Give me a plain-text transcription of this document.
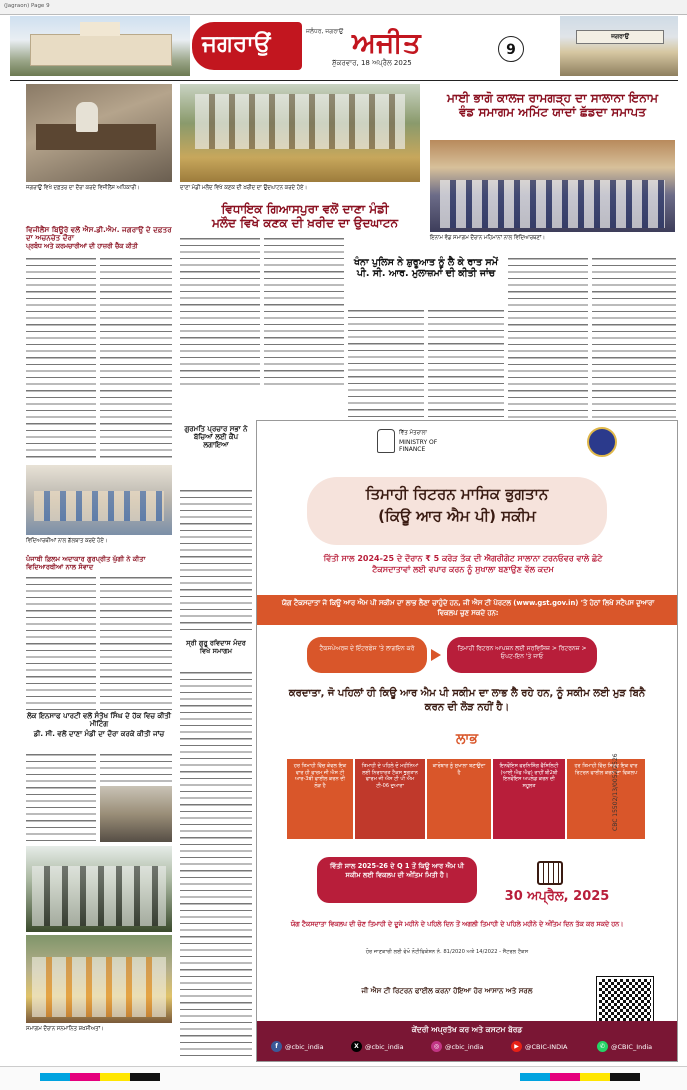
(Jagraon) Page 9
ਜਗਰਾਉਂ	ਅਜੀਤ
ਜਲੰਧਰ, ਜਗਰਾਉਂ
ਸ਼ੁੱਕਰਵਾਰ, 18 ਅਪ੍ਰੈਲ 2025
9
ਜਗਰਾਉਂ
ਜਗਰਾਉਂ ਵਿਖੇ ਦਫ਼ਤਰ ਦਾ ਦੌਰਾ ਕਰਦੇ ਵਿਜੀਲੈਂਸ ਅਧਿਕਾਰੀ।	ਦਾਣਾ ਮੰਡੀ ਮਲੌਦ ਵਿਖੇ ਕਣਕ ਦੀ ਖ਼ਰੀਦ ਦਾ ਉਦਘਾਟਨ ਕਰਦੇ ਹੋਏ।
ਵਿਧਾਇਕ ਗਿਆਸਪੁਰਾ ਵਲੋਂ ਦਾਣਾ ਮੰਡੀ
ਮਲੌਦ ਵਿਖੇ ਕਣਕ ਦੀ ਖ਼ਰੀਦ ਦਾ ਉਦਘਾਟਨ
ਮਾਈ ਭਾਗੋ ਕਾਲਜ ਰਾਮਗੜ੍ਹ ਦਾ ਸਾਲਾਨਾ ਇਨਾਮ
ਵੰਡ ਸਮਾਗਮ ਅਮਿੱਟ ਯਾਦਾਂ ਛੱਡਦਾ ਸਮਾਪਤ
ਇਨਾਮ ਵੰਡ ਸਮਾਗਮ ਦੌਰਾਨ ਮਹਿਮਾਨਾਂ ਨਾਲ ਵਿਦਿਆਰਥਣਾਂ।
ਵਿਜੀਲੈਂਸ ਬਿਊਰੋ ਵਲੋਂ ਐਸ.ਡੀ.ਐਮ. ਜਗਰਾਉਂ ਦੇ ਦਫ਼ਤਰ ਦਾ ਅਚਨਚੇਤ ਦੌਰਾ
ਪ੍ਰਬੰਧ ਅਤੇ ਕਰਮਚਾਰੀਆਂ ਦੀ ਹਾਜ਼ਰੀ ਚੈੱਕ ਕੀਤੀ
ਖੰਨਾ ਪੁਲਿਸ ਨੇ ਸ਼ੁਰੂਆਤ ਨੂੰ ਲੈ ਕੇ ਰਾਤ ਸਮੇਂ
ਪੀ. ਸੀ. ਆਰ. ਮੁਲਾਜ਼ਮਾਂ ਦੀ ਕੀਤੀ ਜਾਂਚ
ਵਿਦਿਆਰਥੀਆਂ ਨਾਲ ਗੱਲਬਾਤ ਕਰਦੇ ਹੋਏ।
ਪੰਜਾਬੀ ਫ਼ਿਲਮ ਅਦਾਕਾਰ ਗੁਰਪ੍ਰੀਤ ਘੁੱਗੀ ਨੇ ਕੀਤਾ ਵਿਦਿਆਰਥੀਆਂ ਨਾਲ ਸੰਵਾਦ
ਲੋਕ ਇਨਸਾਫ ਪਾਰਟੀ ਵਲੋਂ ਸੰਤੋਖ ਸਿੰਘ ਦੇ ਹੱਕ ਵਿਚ ਕੀਤੀ ਮੀਟਿੰਗ
ਡੀ. ਸੀ. ਵਲੋਂ ਦਾਣਾ ਮੰਡੀ ਦਾ ਦੌਰਾ ਕਰਕੇ ਕੀਤੀ ਜਾਂਚ
ਸਮਾਗਮ ਦੌਰਾਨ ਸਨਮਾਨਿਤ ਸ਼ਖ਼ਸੀਅਤਾਂ।
ਗੁਰਮਤਿ ਪ੍ਰਚਾਰ ਸਭਾ ਨੇ ਬੱਚਿਆਂ ਲਈ ਕੈਂਪ ਲਗਾਇਆ
ਸ੍ਰੀ ਗੁਰੂ ਰਵਿਦਾਸ ਮੰਦਰ ਵਿਖੇ ਸਮਾਗਮ
ਵਿੱਤ ਮੰਤਰਾਲਾ
MINISTRY OF FINANCE
ਤਿਮਾਹੀ ਰਿਟਰਨ ਮਾਸਿਕ ਭੁਗਤਾਨ
(ਕਿਊ ਆਰ ਐਮ ਪੀ) ਸਕੀਮ
ਵਿੱਤੀ ਸਾਲ 2024-25 ਦੇ ਦੌਰਾਨ ₹ 5 ਕਰੋੜ ਤੱਕ ਦੀ ਐਗਰੀਗੇਟ ਸਾਲਾਨਾ ਟਰਨਓਵਰ ਵਾਲੇ ਛੋਟੇ ਟੈਕਸਦਾਤਾਵਾਂ ਲਈ ਵਪਾਰ ਕਰਨ ਨੂੰ ਸੁਖਾਲਾ ਬਣਾਉਣ ਵੱਲ ਕਦਮ
ਯੋਗ ਟੈਕਸਦਾਤਾ ਜੋ ਕਿਊ ਆਰ ਐਮ ਪੀ ਸਕੀਮ ਦਾ ਲਾਭ ਲੈਣਾ ਚਾਹੁੰਦੇ ਹਨ, ਜੀ ਐਸ ਟੀ ਪੋਰਟਲ (www.gst.gov.in) 'ਤੇ ਹੇਠਾਂ ਲਿਖੇ ਸਟੈਪਸ ਦੁਆਰਾ ਵਿਕਲਪ ਚੁਣ ਸਕਦੇ ਹਨ:
ਟੈਕਸਪੇਅਰਜ਼ ਦੇ ਇੰਟਰਫੇਸ 'ਤੇ ਲਾਗਇਨ ਕਰੋ	ਤਿਮਾਹੀ ਰਿਟਰਨ ਆਪਸ਼ਨ ਲਈ ਸਰਵਿਸਿਜ਼ > ਰਿਟਰਨਜ਼ > ਓਪਟ-ਇਨ 'ਤੇ ਜਾਓ
ਕਰਦਾਤਾ, ਜੋ ਪਹਿਲਾਂ ਹੀ ਕਿਊ ਆਰ ਐਮ ਪੀ ਸਕੀਮ ਦਾ ਲਾਭ ਲੈ ਰਹੇ ਹਨ, ਨੂੰ ਸਕੀਮ ਲਈ ਮੁੜ ਬਿਨੈ ਕਰਨ ਦੀ ਲੋੜ ਨਹੀਂ ਹੈ।
ਲਾਭ
ਹਰ ਤਿਮਾਹੀ ਵਿੱਚ ਕੇਵਲ ਇਕ ਵਾਰ ਹੀ ਫਾਰਮ ਜੀ ਐਸ ਟੀ ਆਰ-3ਬੀ ਫਾਈਲ ਕਰਨ ਦੀ ਲੋੜ ਹੈ
ਤਿਮਾਹੀ ਦੇ ਪਹਿਲੇ ਦੋ ਮਹੀਨਿਆਂ ਲਈ ਨਿਰਧਾਰਤ ਟੈਕਸ ਭੁਗਤਾਨ ਫਾਰਮ ਜੀ ਐਸ ਟੀ ਪੀ ਐਮ ਟੀ-06 ਦੁਆਰਾ
ਕਾਰੋਬਾਰ ਨੂੰ ਸੁਖਾਲਾ ਬਣਾਉਂਦਾ ਹੈ
ਇਨਵੌਇਸ ਫਰਨਿਸ਼ਿੰਗ ਫੈਸਿਲਿਟੀ (ਆਈ ਐਫ ਐਫ) ਰਾਹੀਂ ਬੀ2ਬੀ ਇਨਵੌਇਸ ਅਪਲੋਡ ਕਰਨ ਦੀ ਸਹੂਲਤ
ਹਰ ਤਿਮਾਹੀ ਵਿੱਚ ਸਿਰਫ਼ ਇਕ ਵਾਰ ਰਿਟਰਨ ਫਾਈਲ ਕਰਨ ਦਾ ਵਿਕਲਪ
ਵਿੱਤੀ ਸਾਲ 2025-26 ਦੇ Q 1 ਤੋਂ ਕਿਊ ਆਰ ਐਮ ਪੀ ਸਕੀਮ ਲਈ ਵਿਕਲਪ ਦੀ ਅੰਤਿਮ ਮਿਤੀ ਹੈ।
30 ਅਪ੍ਰੈਲ, 2025
ਯੋਗ ਟੈਕਸਦਾਤਾ ਵਿਕਲਪ ਦੀ ਚੋਣ ਤਿਮਾਹੀ ਦੇ ਦੂਜੇ ਮਹੀਨੇ ਦੇ ਪਹਿਲੇ ਦਿਨ ਤੋਂ ਅਗਲੀ ਤਿਮਾਹੀ ਦੇ ਪਹਿਲੇ ਮਹੀਨੇ ਦੇ ਅੰਤਿਮ ਦਿਨ ਤੱਕ ਕਰ ਸਕਦੇ ਹਨ।
ਹੋਰ ਜਾਣਕਾਰੀ ਲਈ ਵੇਖੋ ਨੋਟੀਫਿਕੇਸ਼ਨ ਨੰ. 81/2020 ਅਤੇ 14/2022 - ਸੈਂਟਰਲ ਟੈਕਸ
ਜੀ ਐਸ ਟੀ ਰਿਟਰਨ ਫਾਈਲ ਕਰਨਾ ਹੋਇਆ ਹੋਰ ਆਸਾਨ ਅਤੇ ਸਰਲ
CBC 15502/13/0052/2526
ਕੇਂਦਰੀ ਅਪ੍ਰਤੱਖ ਕਰ ਅਤੇ ਕਸਟਮ ਬੋਰਡ
f	@cbic_india	X @cbic_india	◎ @cbic_india	▶ @CBIC-INDIA	✆ @CBIC_India
